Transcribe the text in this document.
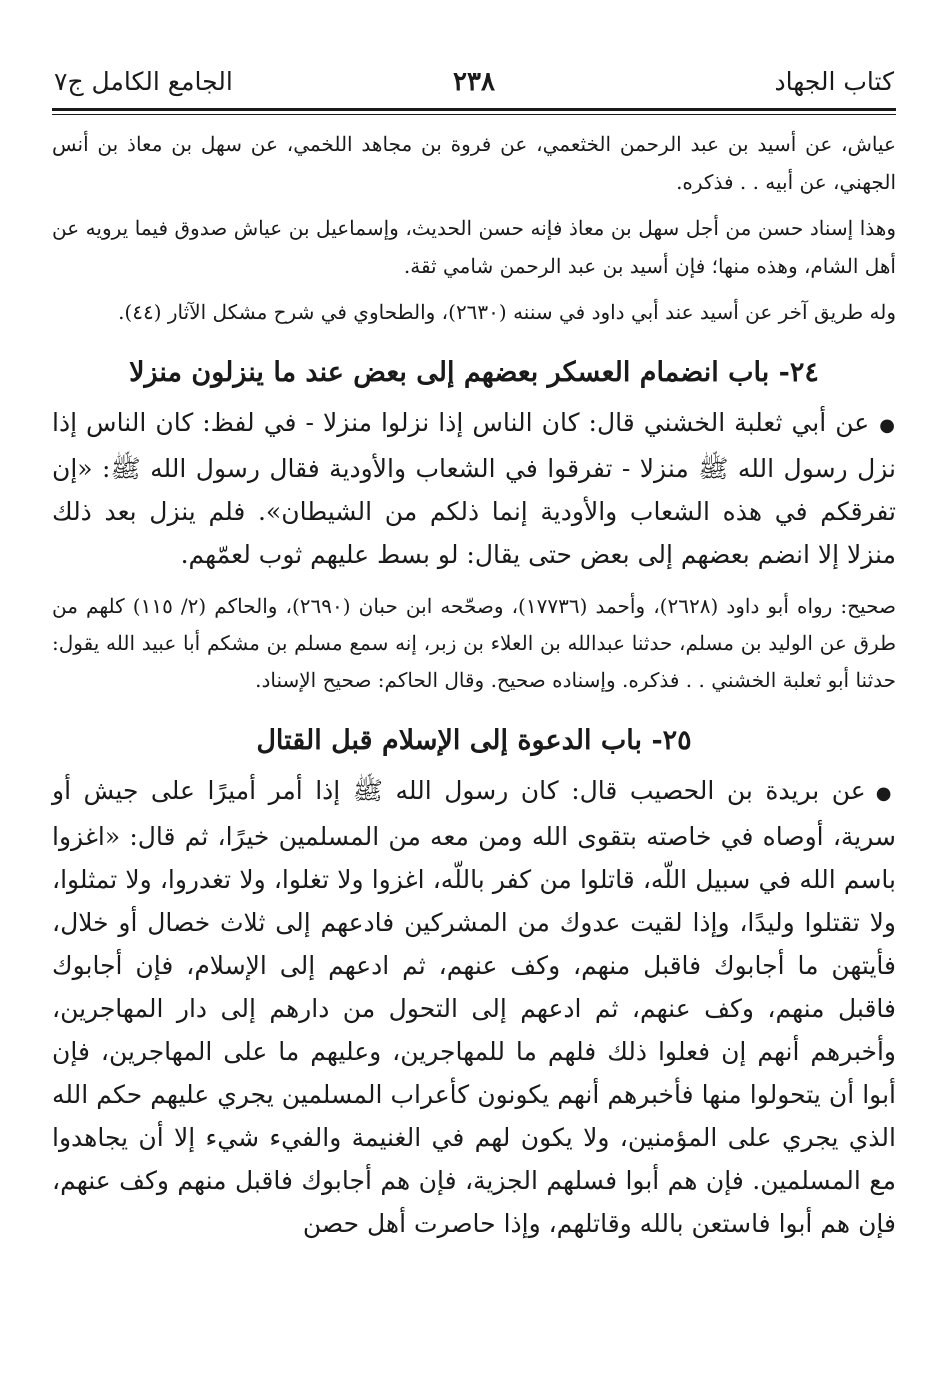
كتاب الجهاد
٢٣٨
الجامع الكامل ج٧

عياش، عن أسيد بن عبد الرحمن الخثعمي، عن فروة بن مجاهد اللخمي، عن سهل بن معاذ بن أنس الجهني، عن أبيه . . فذكره.

وهذا إسناد حسن من أجل سهل بن معاذ فإنه حسن الحديث، وإسماعيل بن عياش صدوق فيما يرويه عن أهل الشام، وهذه منها؛ فإن أسيد بن عبد الرحمن شامي ثقة.

وله طريق آخر عن أسيد عند أبي داود في سننه (٢٦٣٠)، والطحاوي في شرح مشكل الآثار (٤٤).

٢٤- باب انضمام العسكر بعضهم إلى بعض عند ما ينزلون منزلا

●عن أبي ثعلبة الخشني قال: كان الناس إذا نزلوا منزلا - في لفظ: كان الناس إذا نزل رسول الله ﷺ منزلا - تفرقوا في الشعاب والأودية فقال رسول الله ﷺ: «إن تفرقكم في هذه الشعاب والأودية إنما ذلكم من الشيطان». فلم ينزل بعد ذلك منزلا إلا انضم بعضهم إلى بعض حتى يقال: لو بسط عليهم ثوب لعمّهم.

صحيح: رواه أبو داود (٢٦٢٨)، وأحمد (١٧٧٣٦)، وصحّحه ابن حبان (٢٦٩٠)، والحاكم (٢/ ١١٥) كلهم من طرق عن الوليد بن مسلم، حدثنا عبدالله بن العلاء بن زبر، إنه سمع مسلم بن مشكم أبا عبيد الله يقول: حدثنا أبو ثعلبة الخشني . . فذكره. وإسناده صحيح. وقال الحاكم: صحيح الإسناد.

٢٥- باب الدعوة إلى الإسلام قبل القتال

●عن بريدة بن الحصيب قال: كان رسول الله ﷺ إذا أمر أميرًا على جيش أو سرية، أوصاه في خاصته بتقوى الله ومن معه من المسلمين خيرًا، ثم قال: «اغزوا باسم الله في سبيل اللّه، قاتلوا من كفر باللّه، اغزوا ولا تغلوا، ولا تغدروا، ولا تمثلوا، ولا تقتلوا وليدًا، وإذا لقيت عدوك من المشركين فادعهم إلى ثلاث خصال أو خلال، فأيتهن ما أجابوك فاقبل منهم، وكف عنهم، ثم ادعهم إلى الإسلام، فإن أجابوك فاقبل منهم، وكف عنهم، ثم ادعهم إلى التحول من دارهم إلى دار المهاجرين، وأخبرهم أنهم إن فعلوا ذلك فلهم ما للمهاجرين، وعليهم ما على المهاجرين، فإن أبوا أن يتحولوا منها فأخبرهم أنهم يكونون كأعراب المسلمين يجري عليهم حكم الله الذي يجري على المؤمنين، ولا يكون لهم في الغنيمة والفيء شيء إلا أن يجاهدوا مع المسلمين. فإن هم أبوا فسلهم الجزية، فإن هم أجابوك فاقبل منهم وكف عنهم، فإن هم أبوا فاستعن بالله وقاتلهم، وإذا حاصرت أهل حصن
